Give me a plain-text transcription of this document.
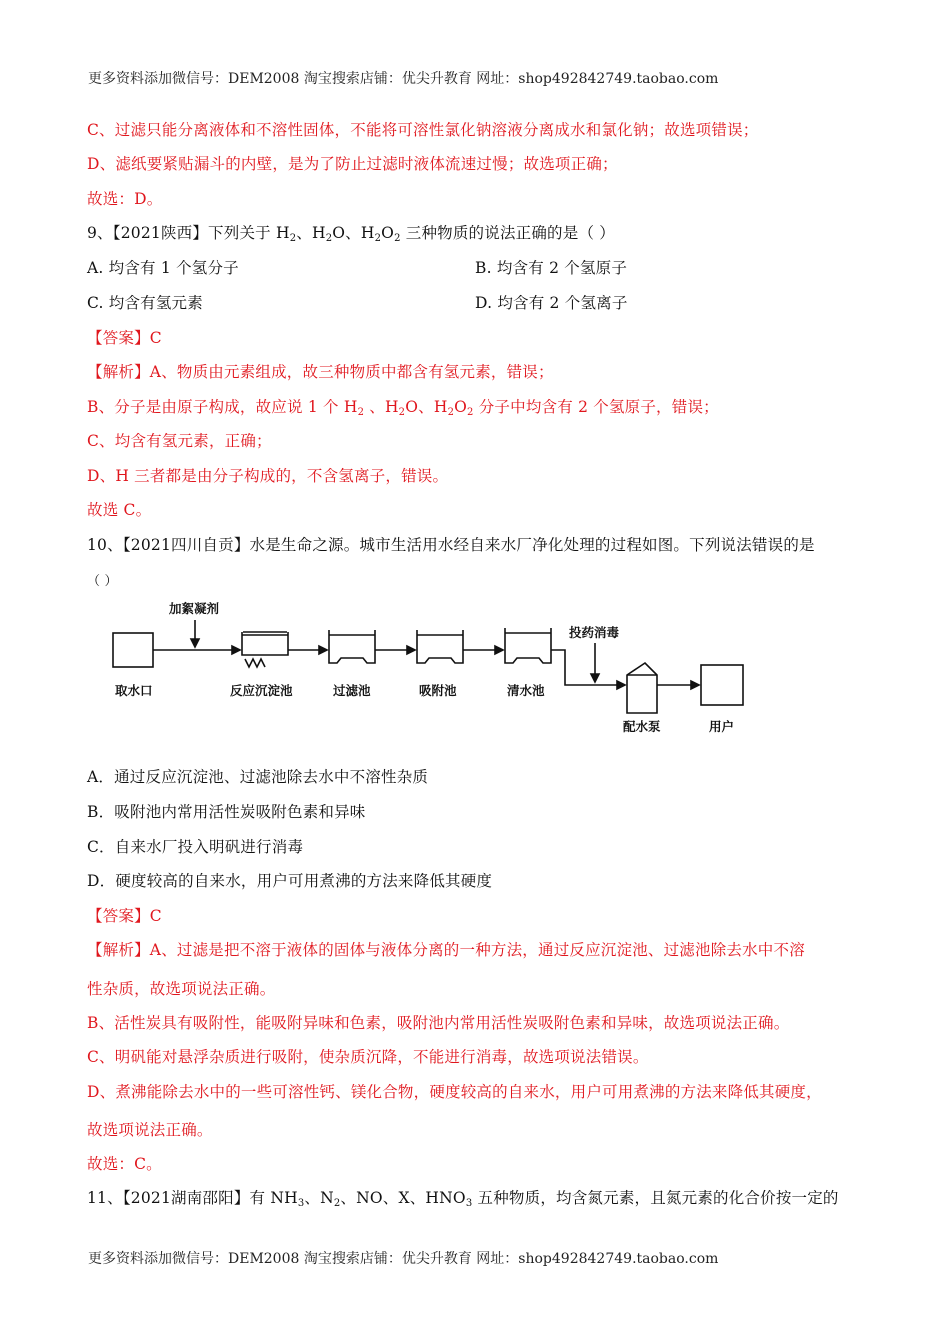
更多资料添加微信号：DEM2008 淘宝搜索店铺：优尖升教育 网址：shop492842749.taobao.com
C、过滤只能分离液体和不溶性固体，不能将可溶性氯化钠溶液分离成水和氯化钠；故选项错误；
D、滤纸要紧贴漏斗的内壁，是为了防止过滤时液体流速过慢；故选项正确；
故选：D。
9、【2021陕西】下列关于 $H_2$、$H_2O$、$H_2O_2$ 三种物质的说法正确的是（ ）
A. 均含有 1 个氢分子	B. 均含有 2 个氢原子
C. 均含有氢元素	D. 均含有 2 个氢离子
【答案】C
【解析】A、物质由元素组成，故三种物质中都含有氢元素，错误；
B、分子是由原子构成，故应说 1 个 $H_2$ 、$H_2O$、$H_2O_2$ 分子中均含有 2 个氢原子，错误；
C、均含有氢元素，正确；
D、H 三者都是由分子构成的，不含氢离子，错误。
故选 C。
10、【2021四川自贡】水是生命之源。城市生活用水经自来水厂净化处理的过程如图。下列说法错误的是
（ ）
取水口	反应沉淀池	过滤池	吸附池	清水池
配水泵	用户
加絮凝剂
投药消毒
A．通过反应沉淀池、过滤池除去水中不溶性杂质
B．吸附池内常用活性炭吸附色素和异味
C．自来水厂投入明矾进行消毒
D．硬度较高的自来水，用户可用煮沸的方法来降低其硬度
【答案】C
【解析】A、过滤是把不溶于液体的固体与液体分离的一种方法，通过反应沉淀池、过滤池除去水中不溶
性杂质，故选项说法正确。
B、活性炭具有吸附性，能吸附异味和色素，吸附池内常用活性炭吸附色素和异味，故选项说法正确。
C、明矾能对悬浮杂质进行吸附，使杂质沉降，不能进行消毒，故选项说法错误。
D、煮沸能除去水中的一些可溶性钙、镁化合物，硬度较高的自来水，用户可用煮沸的方法来降低其硬度，
故选项说法正确。
故选：C。
11、【2021湖南邵阳】有 $NH_3$、$N_2$、NO、X、$HNO_3$ 五种物质，均含氮元素，且氮元素的化合价按一定的
更多资料添加微信号：DEM2008 淘宝搜索店铺：优尖升教育 网址：shop492842749.taobao.com
